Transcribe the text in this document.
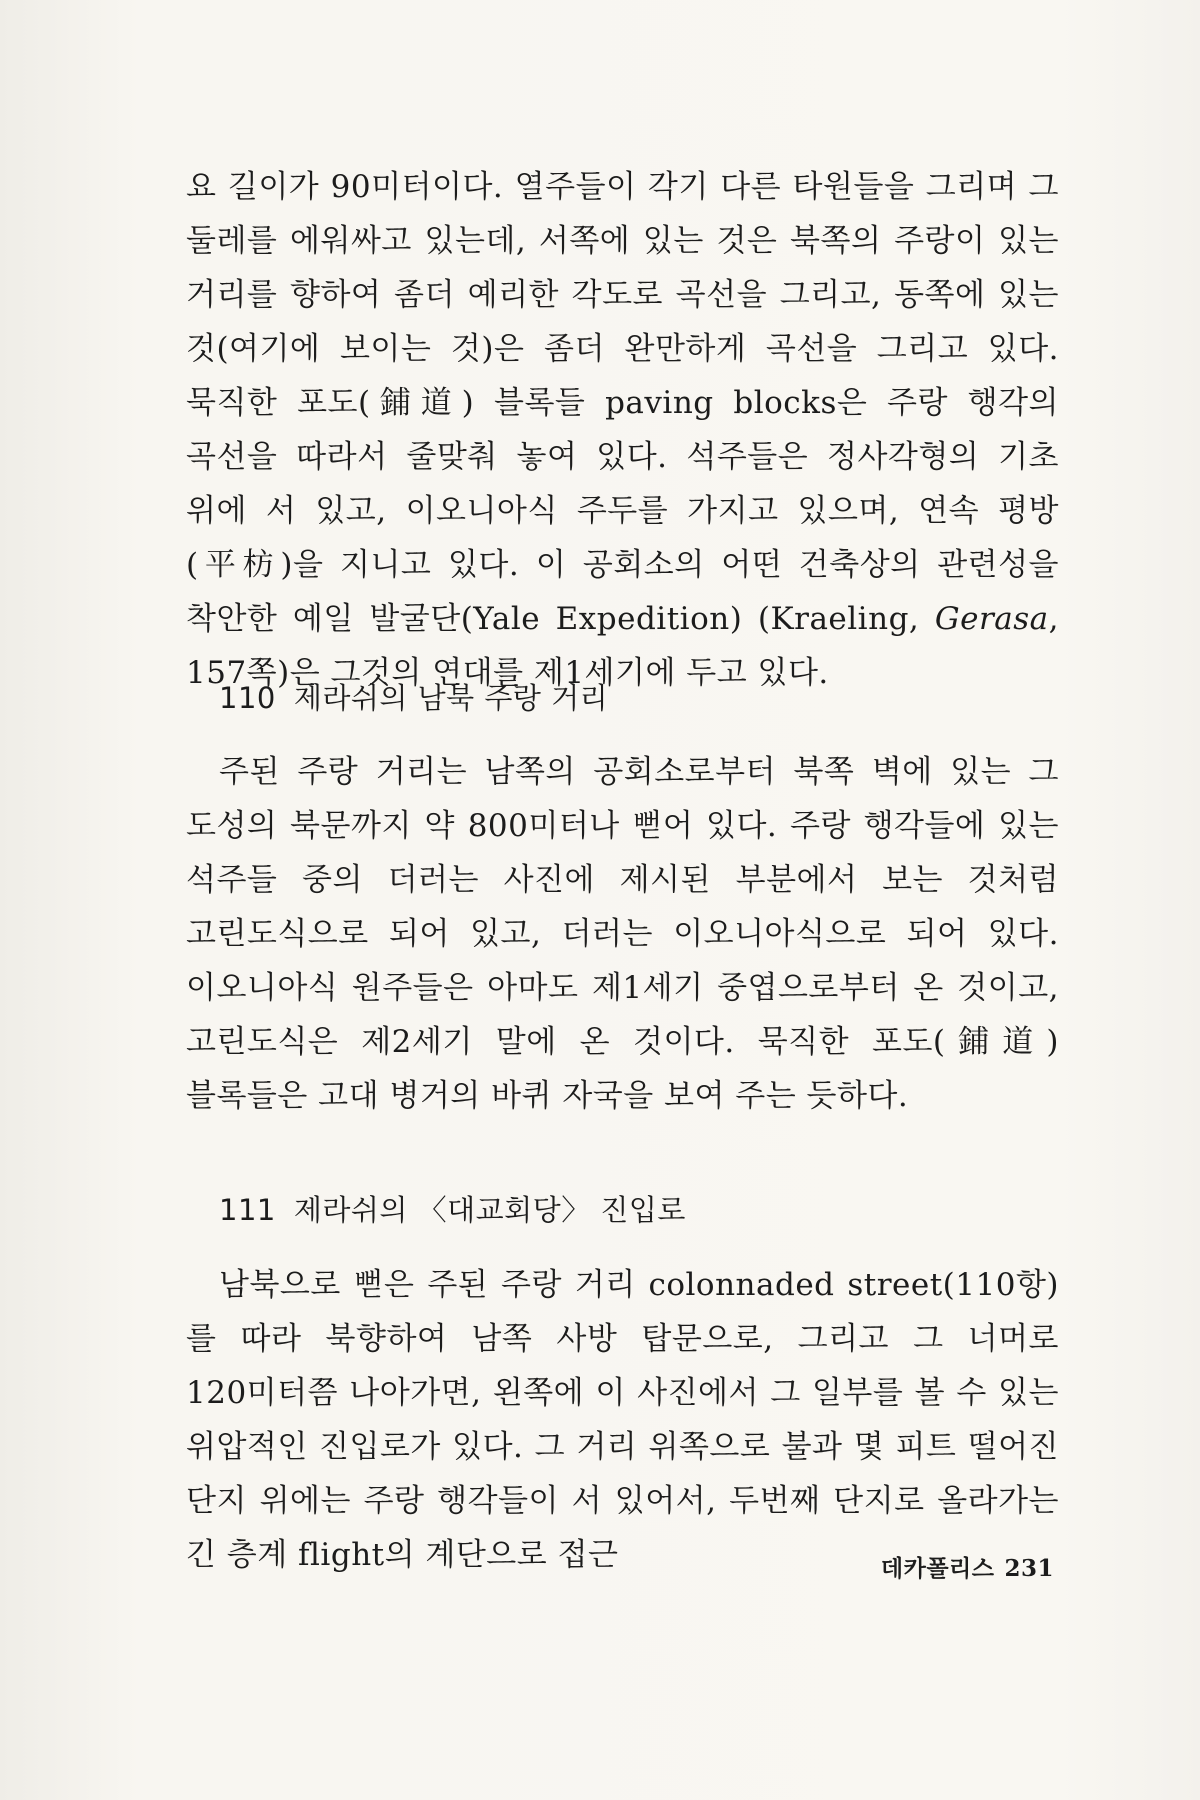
요 길이가 90미터이다. 열주들이 각기 다른 타원들을 그리며 그 둘레를 에워싸고 있는데, 서쪽에 있는 것은 북쪽의 주랑이 있는 거리를 향하여 좀더 예리한 각도로 곡선을 그리고, 동쪽에 있는 것(여기에 보이는 것)은 좀더 완만하게 곡선을 그리고 있다. 묵직한 포도(鋪道) 블록들 paving blocks은 주랑 행각의 곡선을 따라서 줄맞춰 놓여 있다. 석주들은 정사각형의 기초 위에 서 있고, 이오니아식 주두를 가지고 있으며, 연속 평방(平枋)을 지니고 있다. 이 공회소의 어떤 건축상의 관련성을 착안한 예일 발굴단(Yale Expedition) (Kraeling, Gerasa, 157쪽)은 그것의 연대를 제1세기에 두고 있다.

110 제라쉬의 남북 주랑 거리

주된 주랑 거리는 남쪽의 공회소로부터 북쪽 벽에 있는 그 도성의 북문까지 약 800미터나 뻗어 있다. 주랑 행각들에 있는 석주들 중의 더러는 사진에 제시된 부분에서 보는 것처럼 고린도식으로 되어 있고, 더러는 이오니아식으로 되어 있다. 이오니아식 원주들은 아마도 제1세기 중엽으로부터 온 것이고, 고린도식은 제2세기 말에 온 것이다. 묵직한 포도(鋪道) 블록들은 고대 병거의 바퀴 자국을 보여 주는 듯하다.

111 제라쉬의 〈대교회당〉 진입로

남북으로 뻗은 주된 주랑 거리 colonnaded street(110항)를 따라 북향하여 남쪽 사방 탑문으로, 그리고 그 너머로 120미터쯤 나아가면, 왼쪽에 이 사진에서 그 일부를 볼 수 있는 위압적인 진입로가 있다. 그 거리 위쪽으로 불과 몇 피트 떨어진 단지 위에는 주랑 행각들이 서 있어서, 두번째 단지로 올라가는 긴 층계 flight의 계단으로 접근	데카폴리스 231
